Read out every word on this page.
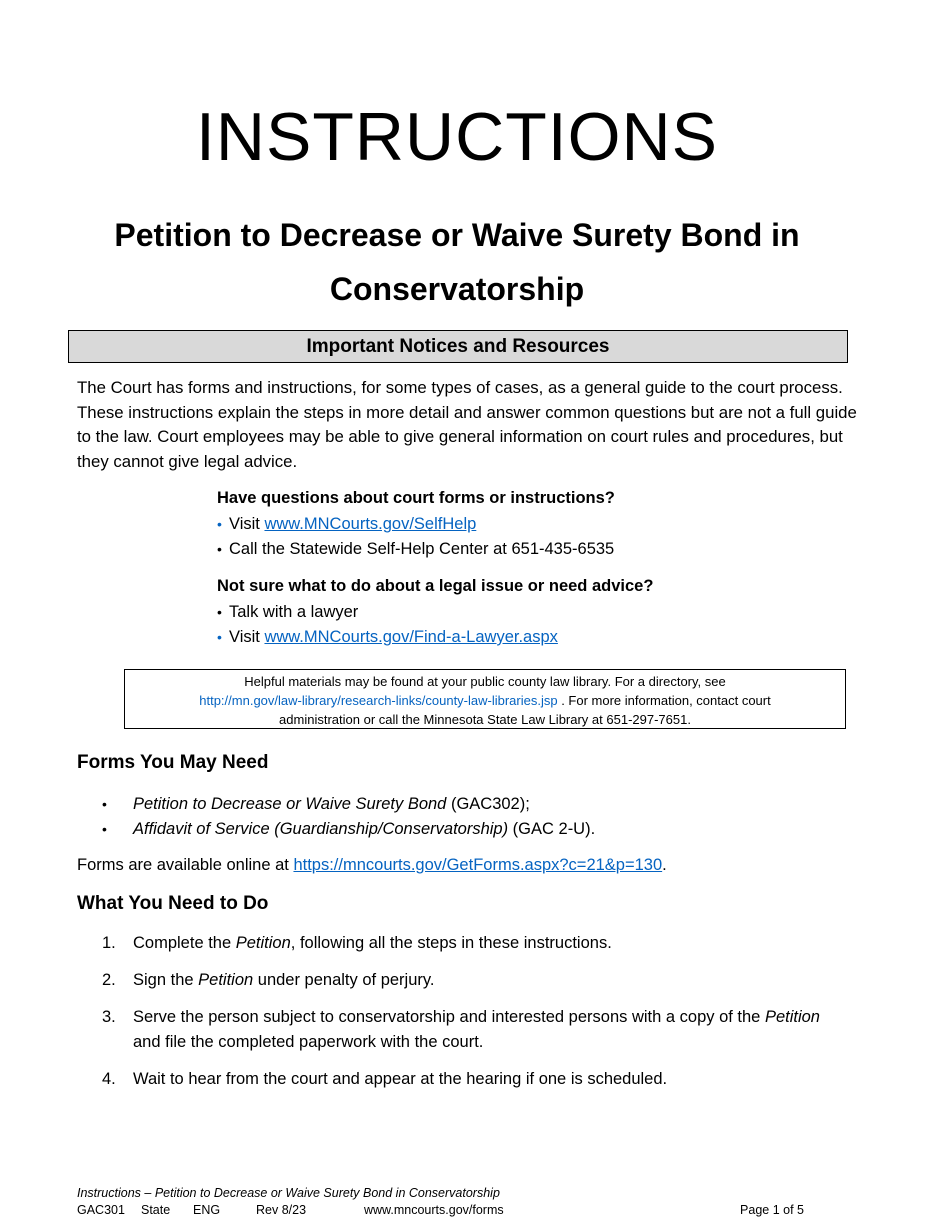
INSTRUCTIONS
Petition to Decrease or Waive Surety Bond in
Conservatorship
Important Notices and Resources

The Court has forms and instructions, for some types of cases, as a general guide to the court process. These instructions explain the steps in more detail and answer common questions but are not a full guide to the law. Court employees may be able to give general information on court rules and procedures, but they cannot give legal advice.

Have questions about court forms or instructions?
• Visit
www.MNCourts.gov/SelfHelp
• Call the Statewide Self-Help Center at 651-435-6535
Not sure what to do about a legal issue or need advice?
• Talk with a lawyer
• Visit
www.MNCourts.gov/Find-a-Lawyer.aspx
Helpful materials may be found at your public county law library. For a directory, see
http://mn.gov/law-library/research-links/county-law-libraries.jsp . For more information, contact court
administration or call the Minnesota State Law Library at 651-297-7651.
Forms You May Need
•	Petition to Decrease or Waive Surety Bond (GAC302);
•	Affidavit of Service (Guardianship/Conservatorship) (GAC 2-U).
Forms are available online at https://mncourts.gov/GetForms.aspx?c=21&p=130.
What You Need to Do
1.	Complete the Petition, following all the steps in these instructions.
2.	Sign the Petition under penalty of perjury.
3.	Serve the person subject to conservatorship and interested persons with a copy of the Petition and file the completed paperwork with the court.
4.	Wait to hear from the court and appear at the hearing if one is scheduled.
Instructions – Petition to Decrease or Waive Surety Bond in Conservatorship
GAC301 State ENG	Rev 8/23	www.mncourts.gov/forms	Page 1 of 5
